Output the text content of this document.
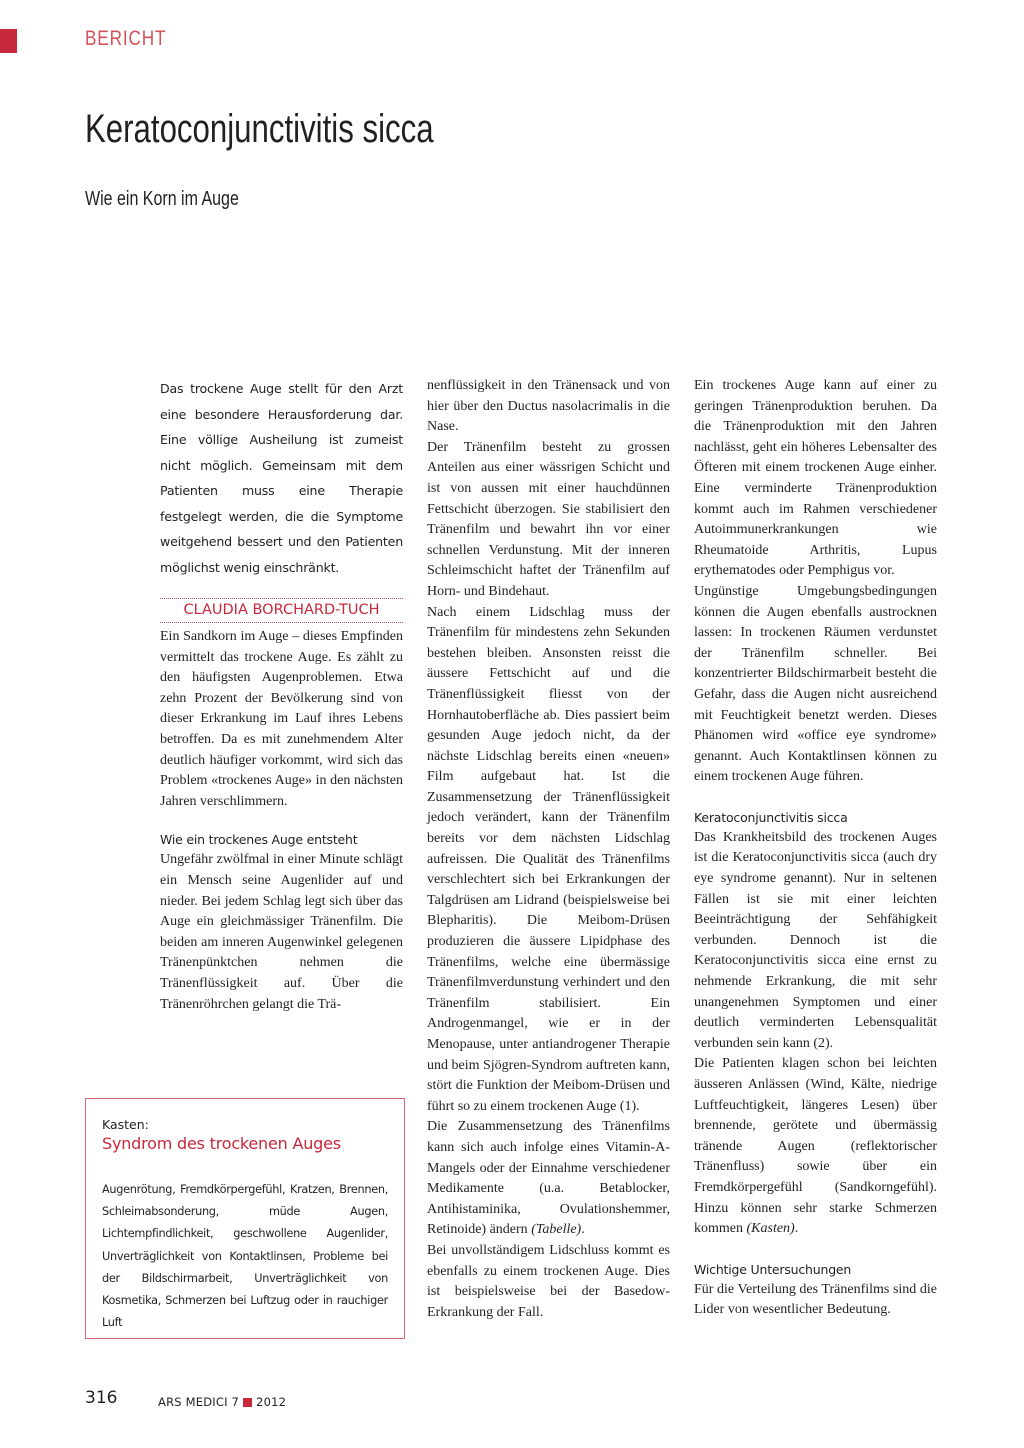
BERICHT
Keratoconjunctivitis sicca
Wie ein Korn im Auge
Das trockene Auge stellt für den Arzt eine besondere Herausforderung dar. Eine völlige Ausheilung ist zumeist nicht möglich. Gemeinsam mit dem Patienten muss eine Therapie festgelegt werden, die die Symptome weitgehend bessert und den Patienten möglichst wenig einschränkt.
CLAUDIA BORCHARD-TUCH

Ein Sandkorn im Auge – dieses Empfinden vermittelt das trockene Auge. Es zählt zu den häufigsten Augenproblemen. Etwa zehn Prozent der Bevölkerung sind von dieser Erkrankung im Lauf ihres Lebens betroffen. Da es mit zunehmendem Alter deutlich häufiger vorkommt, wird sich das Problem «trockenes Auge» in den nächsten Jahren verschlimmern.

Wie ein trockenes Auge entsteht

Ungefähr zwölfmal in einer Minute schlägt ein Mensch seine Augenlider auf und nieder. Bei jedem Schlag legt sich über das Auge ein gleichmässiger Tränenfilm. Die beiden am inneren Augenwinkel gelegenen Tränenpünktchen nehmen die Tränenflüssigkeit auf. Über die Tränenröhrchen gelangt die Trä-

Kasten:
Syndrom des trockenen Auges
Augenrötung, Fremdkörpergefühl, Kratzen, Brennen, Schleimabsonderung, müde Augen, Lichtempfindlichkeit, geschwollene Augenlider, Unverträglichkeit von Kontaktlinsen, Probleme bei der Bildschirmarbeit, Unverträglichkeit von Kosmetika, Schmerzen bei Luftzug oder in rauchiger Luft

nenflüssigkeit in den Tränensack und von hier über den Ductus nasolacrimalis in die Nase.

Der Tränenfilm besteht zu grossen Anteilen aus einer wässrigen Schicht und ist von aussen mit einer hauchdünnen Fettschicht überzogen. Sie stabilisiert den Tränenfilm und bewahrt ihn vor einer schnellen Verdunstung. Mit der inneren Schleimschicht haftet der Tränenfilm auf Horn- und Bindehaut.

Nach einem Lidschlag muss der Tränenfilm für mindestens zehn Sekunden bestehen bleiben. Ansonsten reisst die äussere Fettschicht auf und die Tränenflüssigkeit fliesst von der Hornhautoberfläche ab. Dies passiert beim gesunden Auge jedoch nicht, da der nächste Lidschlag bereits einen «neuen» Film aufgebaut hat. Ist die Zusammensetzung der Tränenflüssigkeit jedoch verändert, kann der Tränenfilm bereits vor dem nächsten Lidschlag aufreissen. Die Qualität des Tränenfilms verschlechtert sich bei Erkrankungen der Talgdrüsen am Lidrand (beispielsweise bei Blepharitis). Die Meibom-Drüsen produzieren die äussere Lipidphase des Tränenfilms, welche eine übermässige Tränenfilmverdunstung verhindert und den Tränenfilm stabilisiert. Ein Androgenmangel, wie er in der Menopause, unter antiandrogener Therapie und beim Sjögren-Syndrom auftreten kann, stört die Funktion der Meibom-Drüsen und führt so zu einem trockenen Auge (1).

Die Zusammensetzung des Tränenfilms kann sich auch infolge eines Vitamin-A-Mangels oder der Einnahme verschiedener Medikamente (u.a. Betablocker, Antihistaminika, Ovulationshemmer, Retinoide) ändern (Tabelle).

Bei unvollständigem Lidschluss kommt es ebenfalls zu einem trockenen Auge. Dies ist beispielsweise bei der Basedow-Erkrankung der Fall.

Ein trockenes Auge kann auf einer zu geringen Tränenproduktion beruhen. Da die Tränenproduktion mit den Jahren nachlässt, geht ein höheres Lebensalter des Öfteren mit einem trockenen Auge einher. Eine verminderte Tränenproduktion kommt auch im Rahmen verschiedener Autoimmunerkrankungen wie Rheumatoide Arthritis, Lupus erythematodes oder Pemphigus vor.

Ungünstige Umgebungsbedingungen können die Augen ebenfalls austrocknen lassen: In trockenen Räumen verdunstet der Tränenfilm schneller. Bei konzentrierter Bildschirmarbeit besteht die Gefahr, dass die Augen nicht ausreichend mit Feuchtigkeit benetzt werden. Dieses Phänomen wird «office eye syndrome» genannt. Auch Kontaktlinsen können zu einem trockenen Auge führen.

Keratoconjunctivitis sicca

Das Krankheitsbild des trockenen Auges ist die Keratoconjunctivitis sicca (auch dry eye syndrome genannt). Nur in seltenen Fällen ist sie mit einer leichten Beeinträchtigung der Sehfähigkeit verbunden. Dennoch ist die Keratoconjunctivitis sicca eine ernst zu nehmende Erkrankung, die mit sehr unangenehmen Symptomen und einer deutlich verminderten Lebensqualität verbunden sein kann (2).

Die Patienten klagen schon bei leichten äusseren Anlässen (Wind, Kälte, niedrige Luftfeuchtigkeit, längeres Lesen) über brennende, gerötete und übermässig tränende Augen (reflektorischer Tränenfluss) sowie über ein Fremdkörpergefühl (Sandkorngefühl). Hinzu können sehr starke Schmerzen kommen (Kasten).

Wichtige Untersuchungen

Für die Verteilung des Tränenfilms sind die Lider von wesentlicher Bedeutung.

316	ARS MEDICI 7 2012
